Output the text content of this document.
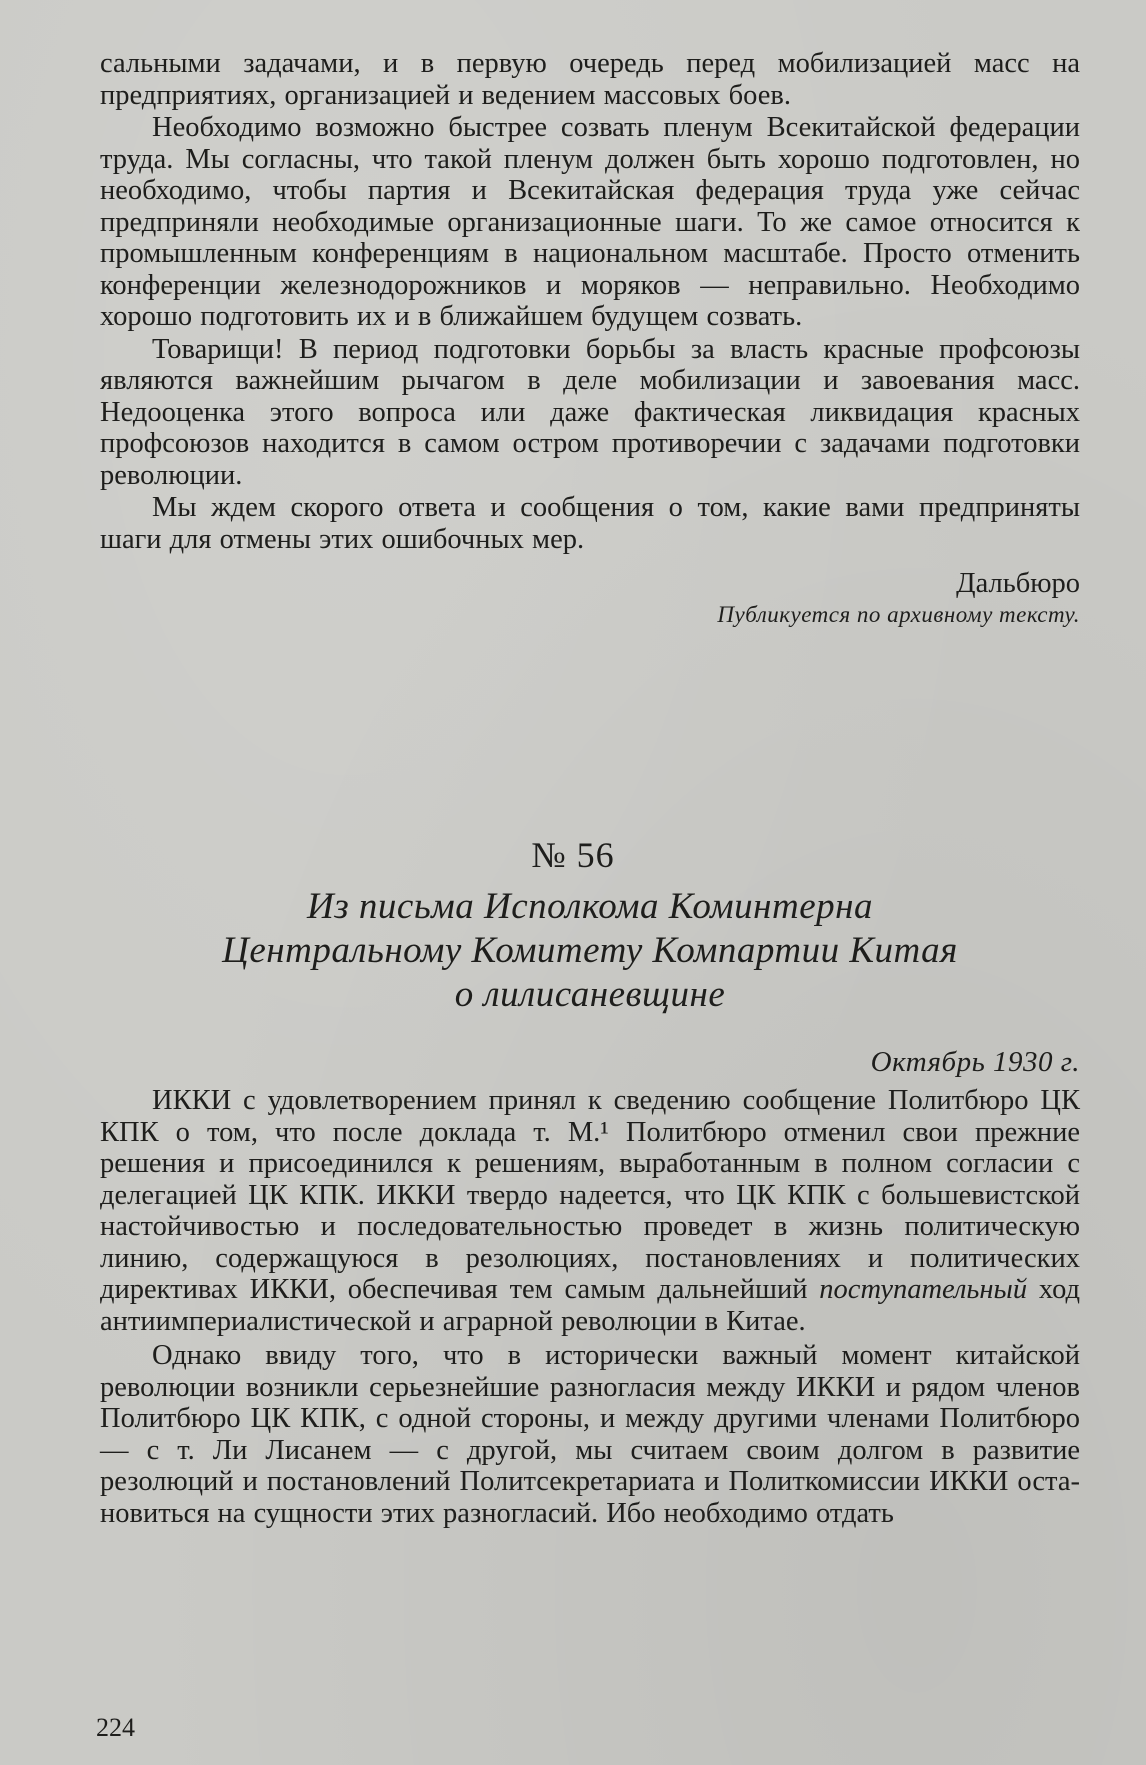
сальными задачами, и в первую очередь перед мобилизацией масс на предприятиях, организацией и ведением массовых боев.

Необходимо возможно быстрее созвать пленум Всекитайской федерации труда. Мы согласны, что такой пленум должен быть хорошо подготовлен, но необходимо, чтобы партия и Всекитайская федерация труда уже сейчас предприняли необходимые организационные шаги. То же самое относится к промышленным конференциям в национальном масштабе. Просто отменить конференции железнодорожников и моряков — неправильно. Необходимо хорошо подготовить их и в ближайшем будущем созвать.

Товарищи! В период подготовки борьбы за власть красные профсоюзы являются важнейшим рычагом в деле мобилизации и завоевания масс. Недооценка этого вопроса или даже фактическая ликвидация красных профсоюзов находится в самом остром противоречии с задачами подготовки революции.

Мы ждем скорого ответа и сообщения о том, какие вами предприняты шаги для отмены этих ошибочных мер.

Дальбюро

Публикуется по архивному тексту.

№ 56
Из письма Исполкома Коминтерна
Центральному Комитету Компартии Китая
о лилисаневщине
Октябрь 1930 г.

ИККИ с удовлетворением принял к сведению сообщение Политбюро ЦК КПК о том, что после доклада т. М.¹ Политбюро отменил свои прежние решения и присоединился к решениям, выработанным в полном согласии с делегацией ЦК КПК. ИККИ твердо надеется, что ЦК КПК с большевистской настойчивостью и последовательностью проведет в жизнь политическую линию, содержащуюся в резолюциях, постановлениях и политических директивах ИККИ, обеспечивая тем самым дальнейший поступательный ход антиимпериалистической и аграрной революции в Китае.

Однако ввиду того, что в исторически важный момент китайской революции возникли серьезнейшие разногласия между ИККИ и рядом членов Политбюро ЦК КПК, с одной стороны, и между другими членами Политбюро — с т. Ли Лисанем — с другой, мы считаем своим долгом в развитие резолюций и постановлений Политсекретариата и Политкомиссии ИККИ остановиться на сущности этих разногласий. Ибо необходимо отдать

224
